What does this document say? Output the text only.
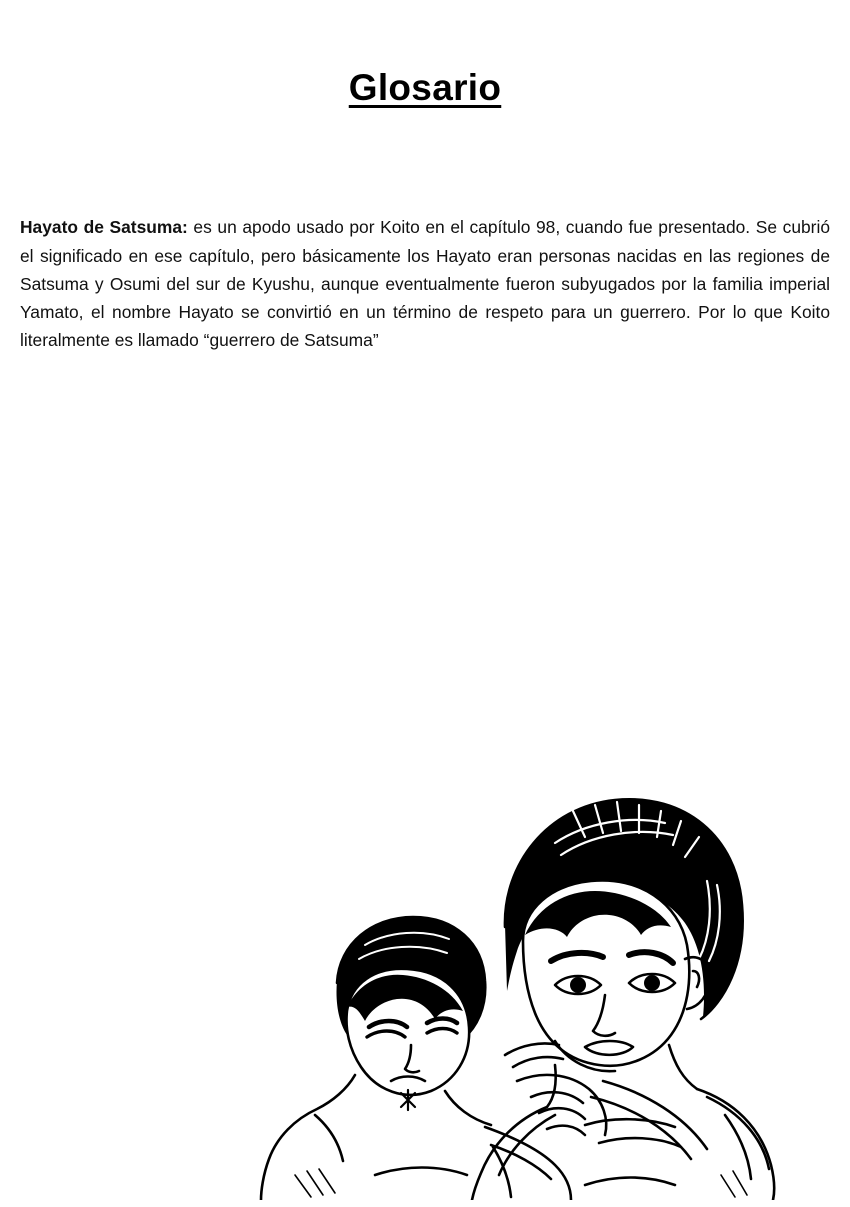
Glosario

Hayato de Satsuma: es un apodo usado por Koito en el capítulo 98, cuando fue presentado. Se cubrió el significado en ese capítulo, pero básicamente los Hayato eran personas nacidas en las regiones de Satsuma y Osumi del sur de Kyushu, aunque eventualmente fueron subyugados por la familia imperial Yamato, el nombre Hayato se convirtió en un término de respeto para un guerrero. Por lo que Koito literalmente es llamado “guerrero de Satsuma”
